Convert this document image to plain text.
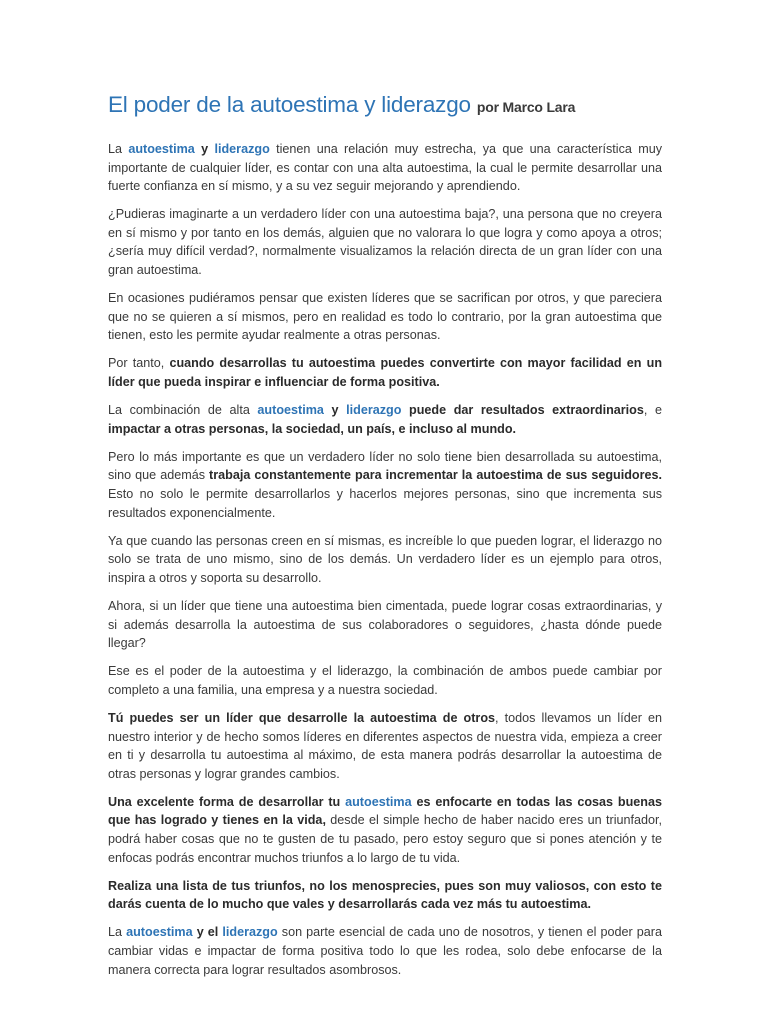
El poder de la autoestima y liderazgo por Marco Lara

La autoestima y liderazgo tienen una relación muy estrecha, ya que una característica muy importante de cualquier líder, es contar con una alta autoestima, la cual le permite desarrollar una fuerte confianza en sí mismo, y a su vez seguir mejorando y aprendiendo.

¿Pudieras imaginarte a un verdadero líder con una autoestima baja?, una persona que no creyera en sí mismo y por tanto en los demás, alguien que no valorara lo que logra y como apoya a otros; ¿sería muy difícil verdad?, normalmente visualizamos la relación directa de un gran líder con una gran autoestima.

En ocasiones pudiéramos pensar que existen líderes que se sacrifican por otros, y que pareciera que no se quieren a sí mismos, pero en realidad es todo lo contrario, por la gran autoestima que tienen, esto les permite ayudar realmente a otras personas.

Por tanto, cuando desarrollas tu autoestima puedes convertirte con mayor facilidad en un líder que pueda inspirar e influenciar de forma positiva.

La combinación de alta autoestima y liderazgo puede dar resultados extraordinarios, e impactar a otras personas, la sociedad, un país, e incluso al mundo.

Pero lo más importante es que un verdadero líder no solo tiene bien desarrollada su autoestima, sino que además trabaja constantemente para incrementar la autoestima de sus seguidores. Esto no solo le permite desarrollarlos y hacerlos mejores personas, sino que incrementa sus resultados exponencialmente.

Ya que cuando las personas creen en sí mismas, es increíble lo que pueden lograr, el liderazgo no solo se trata de uno mismo, sino de los demás. Un verdadero líder es un ejemplo para otros, inspira a otros y soporta su desarrollo.

Ahora, si un líder que tiene una autoestima bien cimentada, puede lograr cosas extraordinarias, y si además desarrolla la autoestima de sus colaboradores o seguidores, ¿hasta dónde puede llegar?

Ese es el poder de la autoestima y el liderazgo, la combinación de ambos puede cambiar por completo a una familia, una empresa y a nuestra sociedad.

Tú puedes ser un líder que desarrolle la autoestima de otros, todos llevamos un líder en nuestro interior y de hecho somos líderes en diferentes aspectos de nuestra vida, empieza a creer en ti y desarrolla tu autoestima al máximo, de esta manera podrás desarrollar la autoestima de otras personas y lograr grandes cambios.

Una excelente forma de desarrollar tu autoestima es enfocarte en todas las cosas buenas que has logrado y tienes en la vida, desde el simple hecho de haber nacido eres un triunfador, podrá haber cosas que no te gusten de tu pasado, pero estoy seguro que si pones atención y te enfocas podrás encontrar muchos triunfos a lo largo de tu vida.

Realiza una lista de tus triunfos, no los menosprecies, pues son muy valiosos, con esto te darás cuenta de lo mucho que vales y desarrollarás cada vez más tu autoestima.

La autoestima y el liderazgo son parte esencial de cada uno de nosotros, y tienen el poder para cambiar vidas e impactar de forma positiva todo lo que les rodea, solo debe enfocarse de la manera correcta para lograr resultados asombrosos.
